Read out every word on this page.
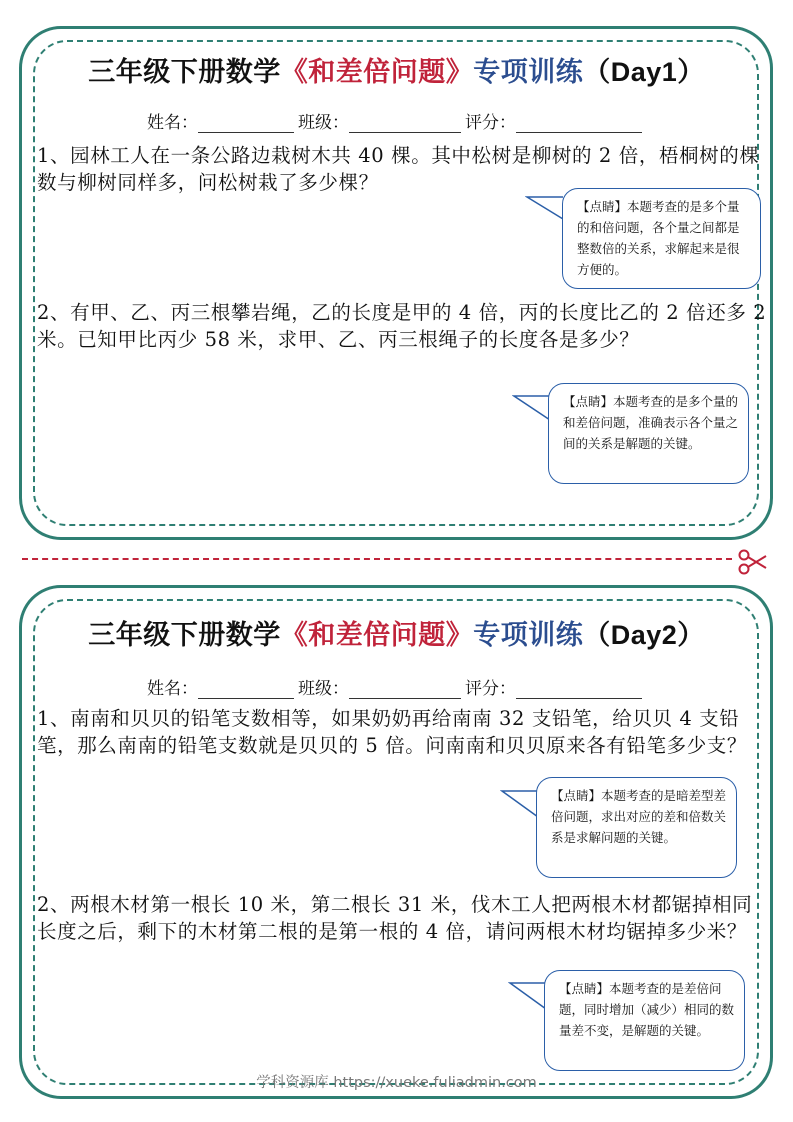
三年级下册数学《和差倍问题》专项训练（Day1）
姓名：	班级：	评分：
1、园林工人在一条公路边栽树木共 40 棵。其中松树是柳树的 2 倍，梧桐树的棵数与柳树同样多，问松树栽了多少棵？
【点睛】本题考查的是多个量的和倍问题，各个量之间都是整数倍的关系，求解起来是很方便的。
2、有甲、乙、丙三根攀岩绳，乙的长度是甲的 4 倍，丙的长度比乙的 2 倍还多 2 米。已知甲比丙少 58 米，求甲、乙、丙三根绳子的长度各是多少？
【点睛】本题考查的是多个量的和差倍问题，准确表示各个量之间的关系是解题的关键。
三年级下册数学《和差倍问题》专项训练（Day2）
姓名：	班级：	评分：
1、南南和贝贝的铅笔支数相等，如果奶奶再给南南 32 支铅笔，给贝贝 4 支铅笔，那么南南的铅笔支数就是贝贝的 5 倍。问南南和贝贝原来各有铅笔多少支？
【点睛】本题考查的是暗差型差倍问题，求出对应的差和倍数关系是求解问题的关键。
2、两根木材第一根长 10 米，第二根长 31 米，伐木工人把两根木材都锯掉相同长度之后，剩下的木材第二根的是第一根的 4 倍，请问两根木材均锯掉多少米？
【点睛】本题考查的是差倍问题，同时增加（减少）相同的数量差不变，是解题的关键。
学科资源库 https://xueke.fuliadmin.com
